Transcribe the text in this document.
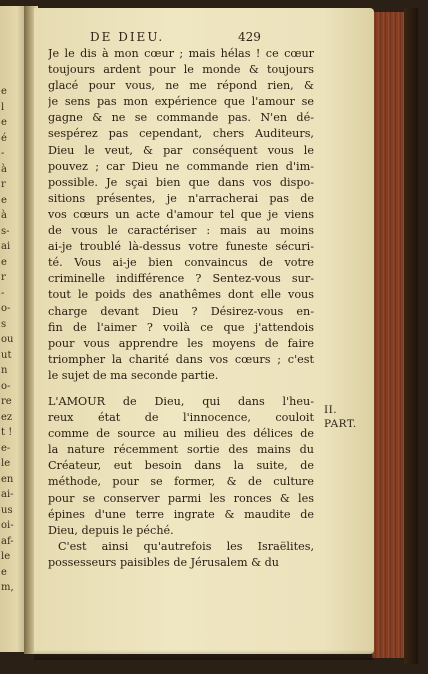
e
l
e
é
-
à
r
e
à
s-
ai
e
r
-
o-
s
ou
ut
n
o-
re
ez
t !
e-
le
en
ai-
us
oi-
af-
le
e
m,
DE DIEU.	429
Je le dis à mon cœur ; mais hélas ! ce cœur
toujours ardent pour le monde & toujours
glacé pour vous, ne me répond rien, &
je sens pas mon expérience que l'amour se
gagne & ne se commande pas. N'en dé-
sespérez pas cependant, chers Auditeurs,
Dieu le veut, & par conséquent vous le
pouvez ; car Dieu ne commande rien d'im-
possible. Je sçai bien que dans vos dispo-
sitions présentes, je n'arracherai pas de
vos cœurs un acte d'amour tel que je viens
de vous le caractériser : mais au moins
ai-je troublé là-dessus votre funeste sécuri-
té. Vous ai-je bien convaincus de votre
criminelle indifférence ? Sentez-vous sur-
tout le poids des anathêmes dont elle vous
charge devant Dieu ? Désirez-vous en-
fin de l'aimer ? voilà ce que j'attendois
pour vous apprendre les moyens de faire
triompher la charité dans vos cœurs ; c'est
le sujet de ma seconde partie.
L'AMOUR de Dieu, qui dans l'heu-
reux état de l'innocence, couloit
comme de source au milieu des délices de
la nature récemment sortie des mains du
Créateur, eut besoin dans la suite, de
méthode, pour se former, & de culture
pour se conserver parmi les ronces & les
épines d'une terre ingrate & maudite de
Dieu, depuis le péché.
C'est ainsi qu'autrefois les Israëlites,
possesseurs paisibles de Jérusalem & du
II.
PART.
